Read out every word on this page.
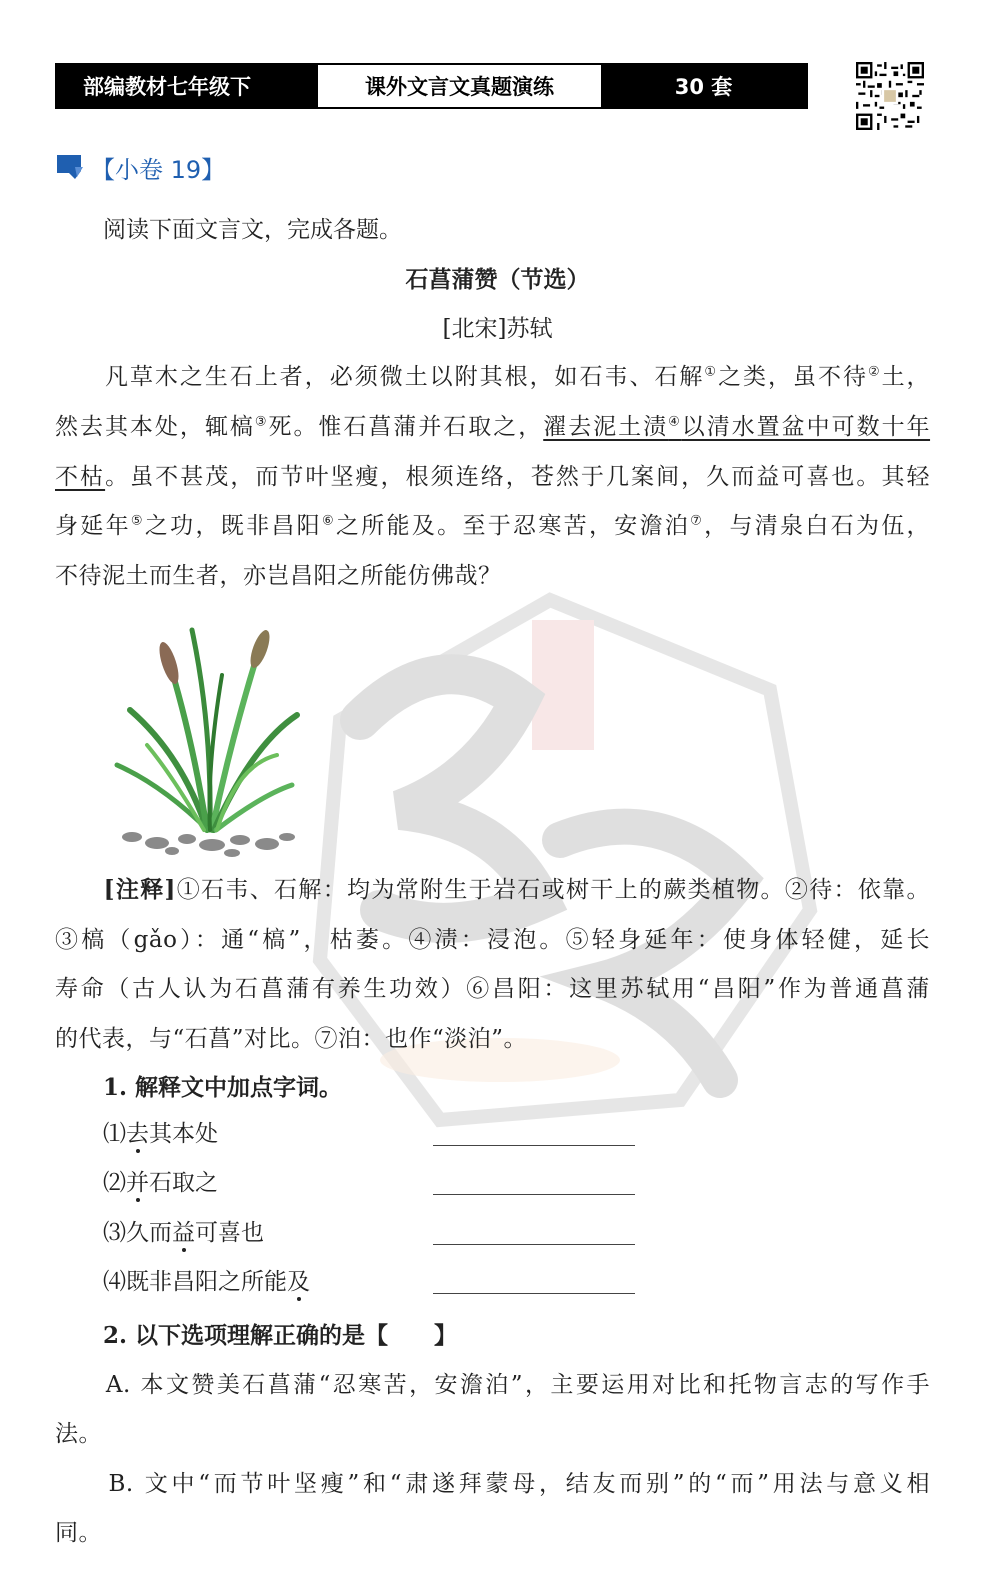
部编教材七年级下	课外文言文真题演练	30 套
【小卷 19】
阅读下面文言文，完成各题。
石菖蒲赞（节选）
[北宋]苏轼
　　凡草木之生石上者，必须微土以附其根，如石韦、石解①之类，虽不待②土，
然去其本处，辄槁③死。惟石菖蒲并石取之，濯去泥土渍④以清水置盆中可数十年
不枯。虽不甚茂，而节叶坚瘦，根须连络，苍然于几案间，久而益可喜也。其轻
身延年⑤之功，既非昌阳⑥之所能及。至于忍寒苦，安澹泊⑦，与清泉白石为伍，
不待泥土而生者，亦岂昌阳之所能仿佛哉？
　　[注释]①石韦、石解：均为常附生于岩石或树干上的蕨类植物。②待：依靠。
③槁（gǎo）：通“槁”，枯萎。④渍：浸泡。⑤轻身延年：使身体轻健，延长
寿命（古人认为石菖蒲有养生功效）⑥昌阳：这里苏轼用“昌阳”作为普通菖蒲
的代表，与“石菖”对比。⑦泊：也作“淡泊”。
1. 解释文中加点字词。
⑴去其本处
⑵并石取之
⑶久而益可喜也
⑷既非昌阳之所能及
2. 以下选项理解正确的是【　　】
　　A. 本文赞美石菖蒲“忍寒苦，安澹泊”，主要运用对比和托物言志的写作手
法。
　　B. 文中“而节叶坚瘦”和“肃遂拜蒙母，结友而别”的“而”用法与意义相
同。
